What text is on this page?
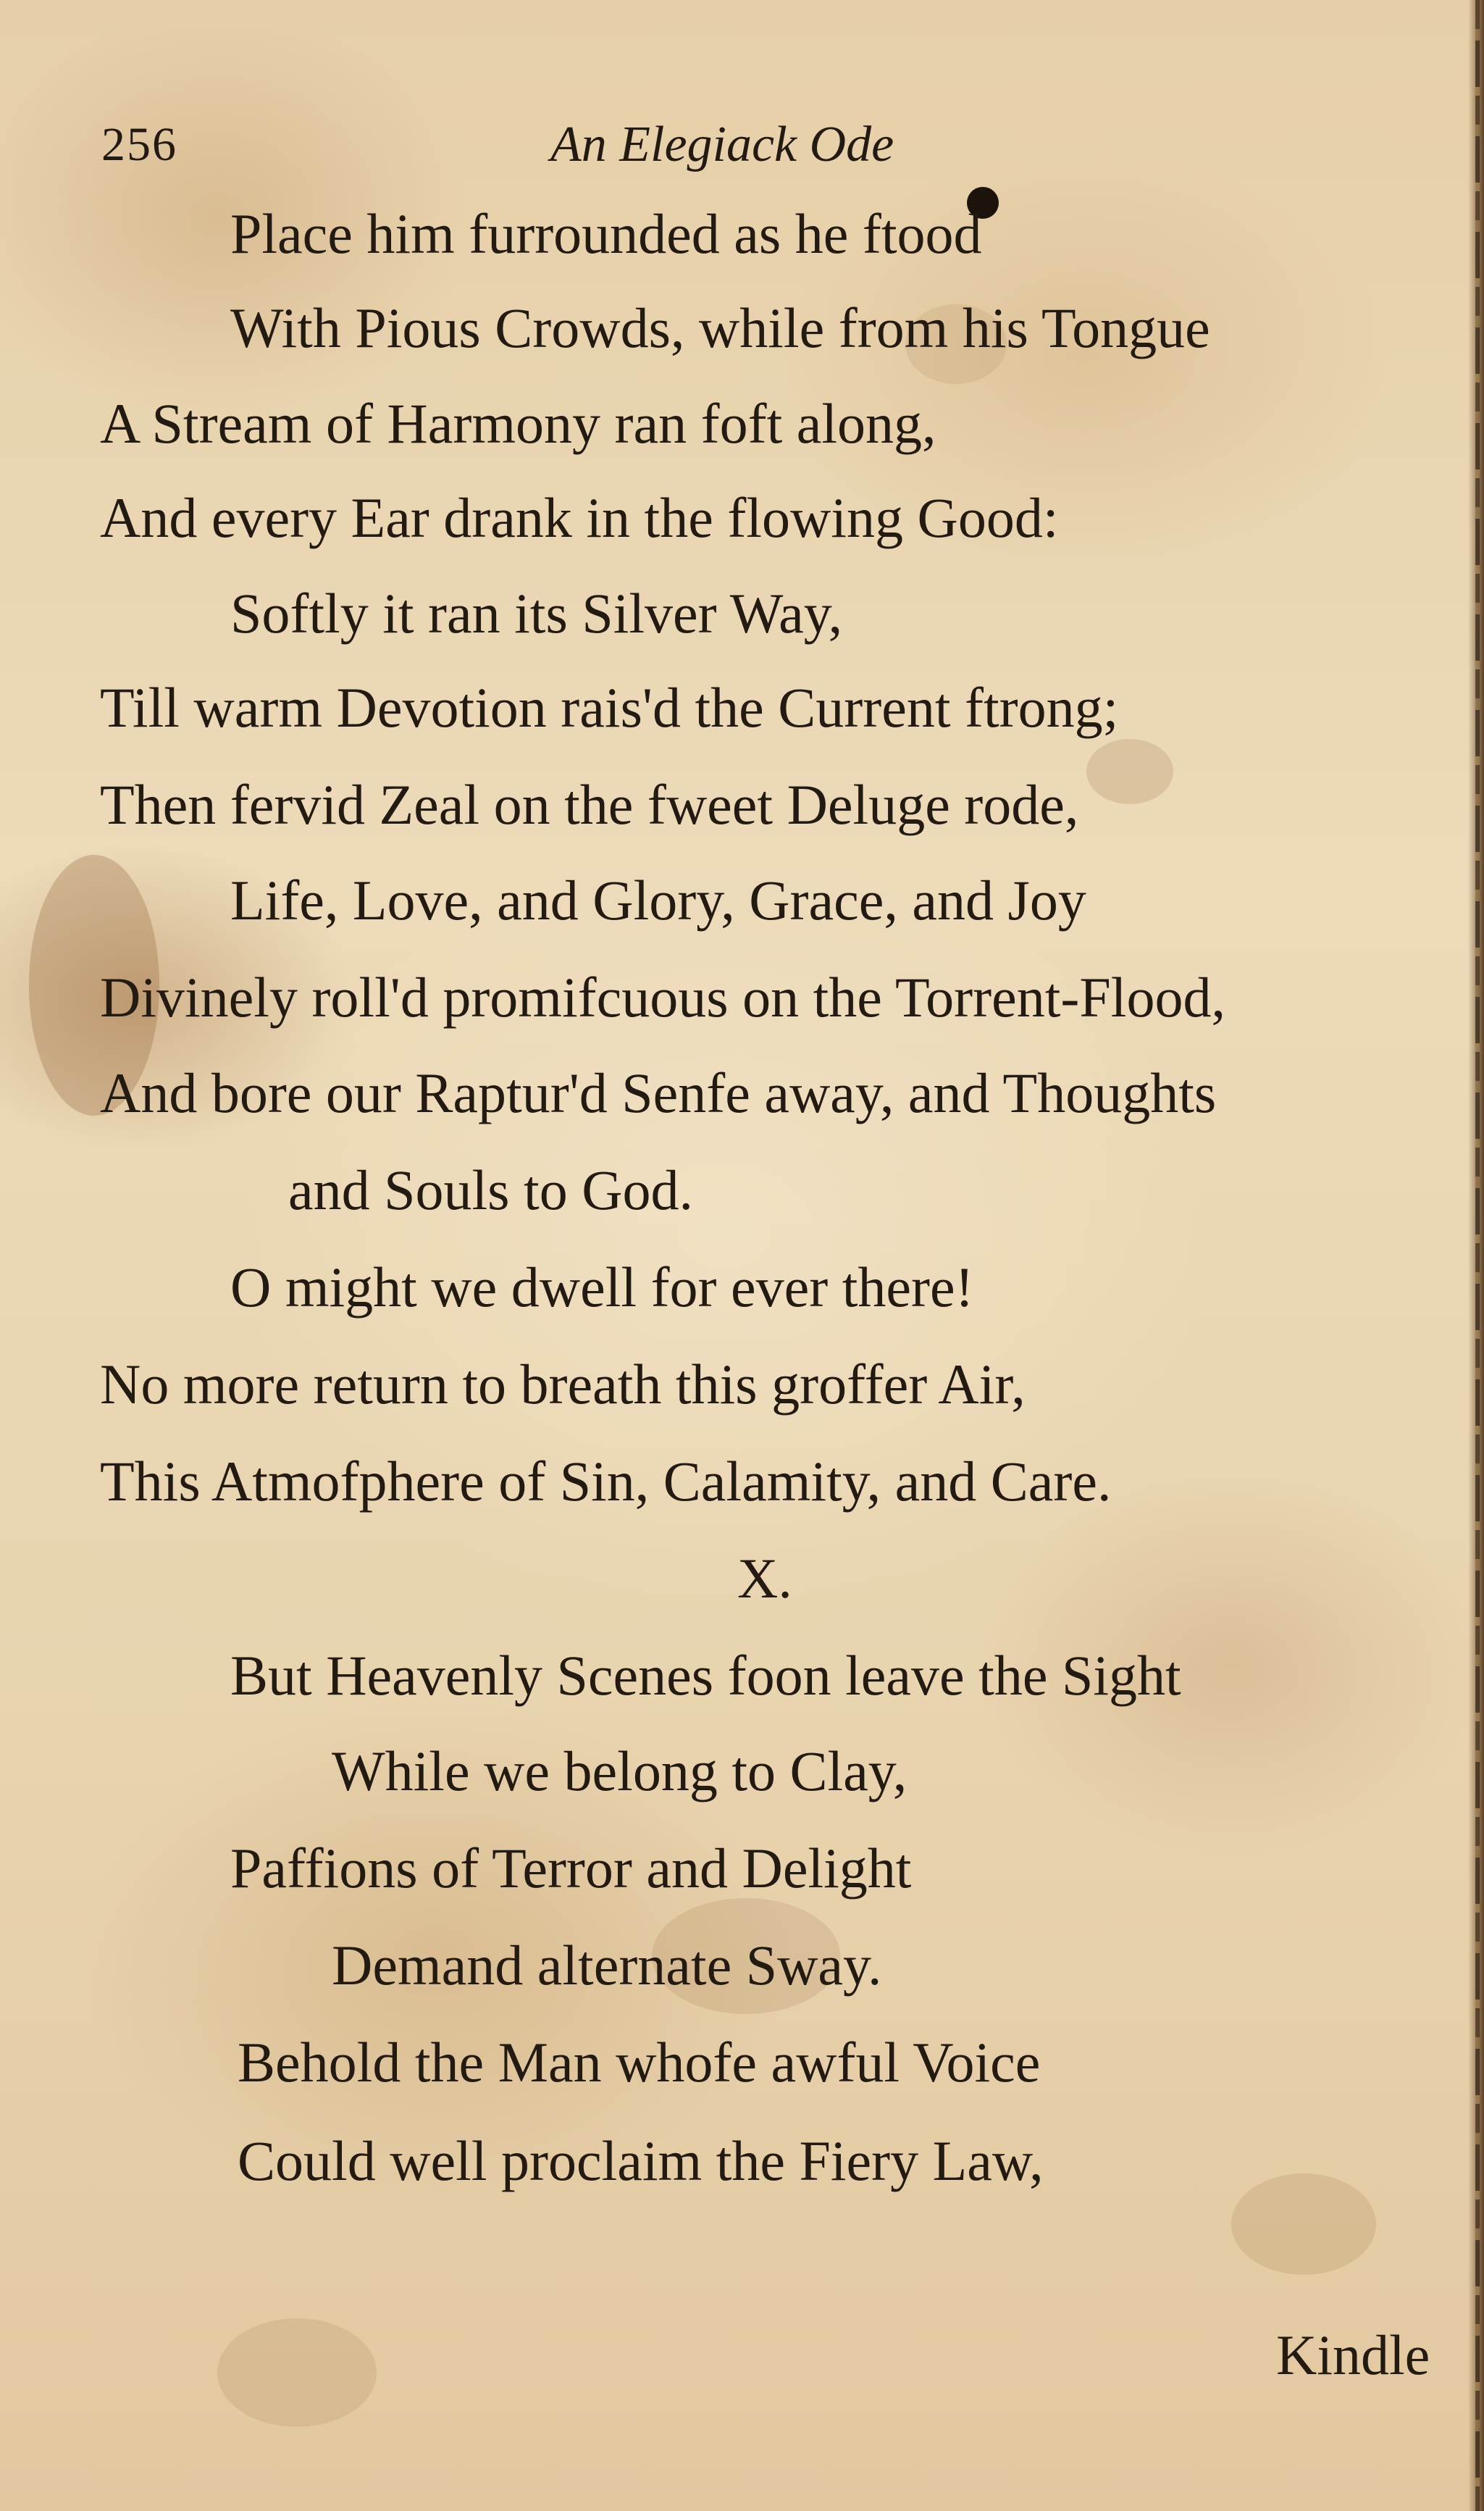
256	An Elegiack Ode
Place him furrounded as he ftood
With Pious Crowds, while from his Tongue
A Stream of Harmony ran foft along,
And every Ear drank in the flowing Good:
Softly it ran its Silver Way,
Till warm Devotion rais'd the Current ftrong;
Then fervid Zeal on the fweet Deluge rode,
Life, Love, and Glory, Grace, and Joy
Divinely roll'd promifcuous on the Torrent-Flood,
And bore our Raptur'd Senfe away, and Thoughts
and Souls to God.
O might we dwell for ever there!
No more return to breath this groffer Air,
This Atmofphere of Sin, Calamity, and Care.
X.
But Heavenly Scenes foon leave the Sight
While we belong to Clay,
Paffions of Terror and Delight
Demand alternate Sway.
Behold the Man whofe awful Voice
Could well proclaim the Fiery Law,
Kindle
